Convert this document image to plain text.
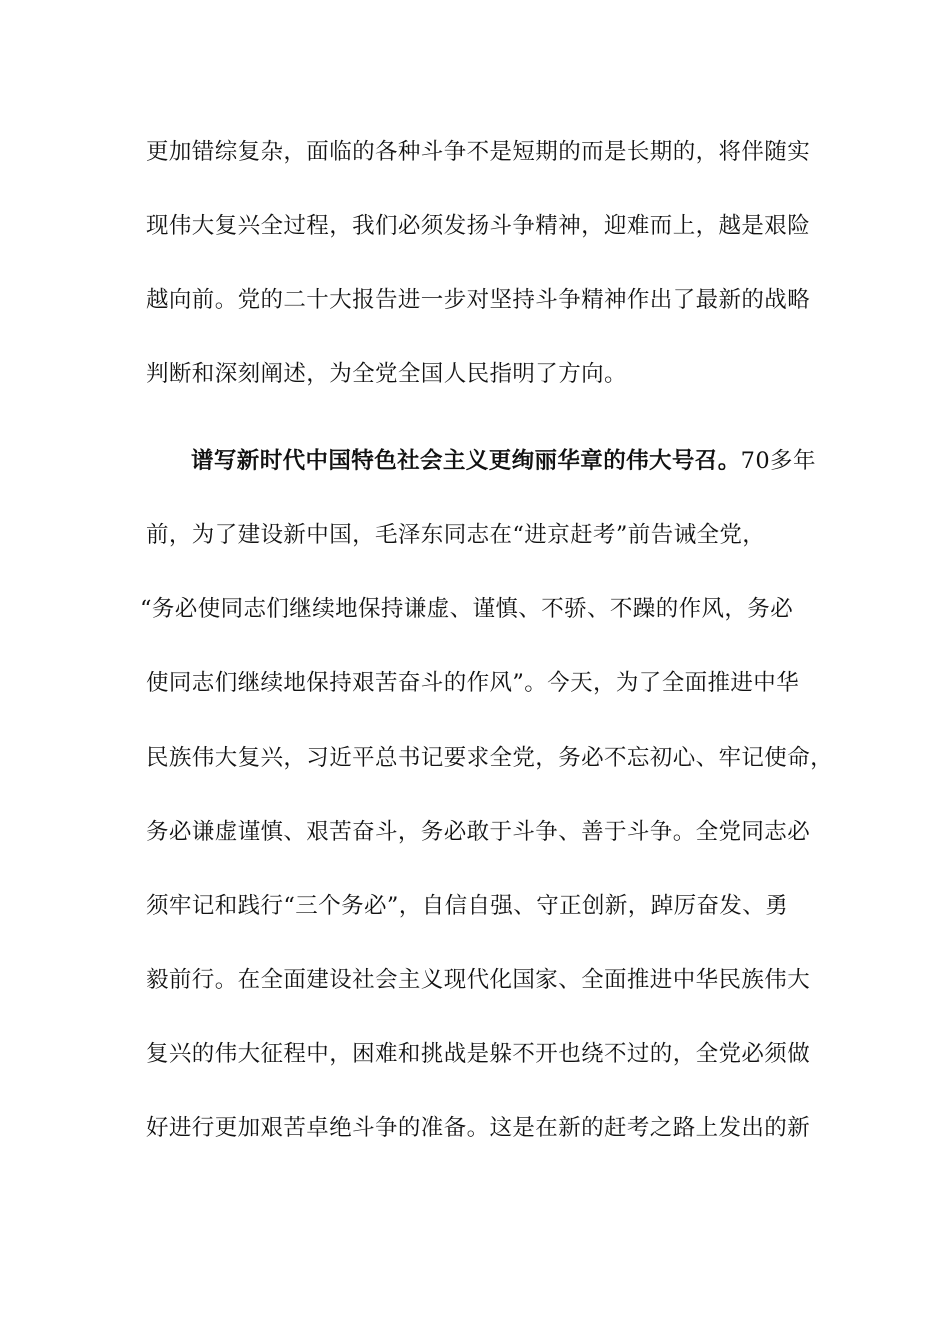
更加错综复杂，面临的各种斗争不是短期的而是长期的，将伴随实
现伟大复兴全过程，我们必须发扬斗争精神，迎难而上，越是艰险
越向前。党的二十大报告进一步对坚持斗争精神作出了最新的战略
判断和深刻阐述，为全党全国人民指明了方向。
谱写新时代中国特色社会主义更绚丽华章的伟大号召。70多年
前，为了建设新中国，毛泽东同志在“进京赶考”前告诫全党，
“务必使同志们继续地保持谦虚、谨慎、不骄、不躁的作风，务必
使同志们继续地保持艰苦奋斗的作风”。今天，为了全面推进中华
民族伟大复兴，习近平总书记要求全党，务必不忘初心、牢记使命，
务必谦虚谨慎、艰苦奋斗，务必敢于斗争、善于斗争。全党同志必
须牢记和践行“三个务必”，自信自强、守正创新，踔厉奋发、勇
毅前行。在全面建设社会主义现代化国家、全面推进中华民族伟大
复兴的伟大征程中，困难和挑战是躲不开也绕不过的，全党必须做
好进行更加艰苦卓绝斗争的准备。这是在新的赶考之路上发出的新
